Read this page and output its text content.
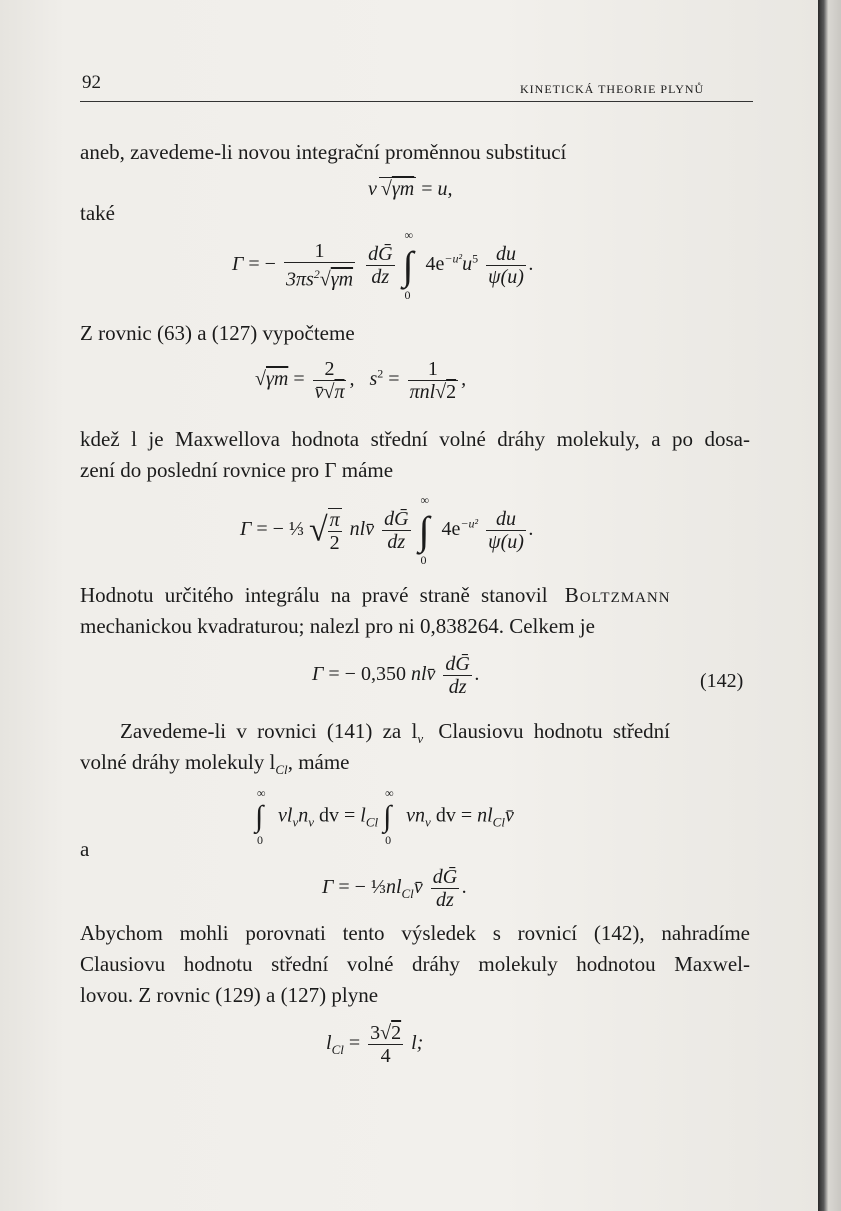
92	KINETICKÁ THEORIE PLYNŮ
aneb, zavedeme-li novou integrační proměnnou substitucí
v √γm = u,
také
Γ = − $\frac{1}{3\pi s^2√\gamma m}$
$\frac{\text{dḠ}}{dz}$ ∫
∞
0
$4e^{-u^2}u^5 \frac{du}{\psi(u)}$ .
Z rovnic (63) a (127) vypočteme
$√\gamma m = \frac{2}{v̄√\pi}$ ,   $s^2 = \frac{1}{\text{πnl√2}}$ ,
kdež l je Maxwellova hodnota střední volné dráhy molekuly, a po dosa-
zení do poslední rovnice pro Γ máme
Γ = − ⅓ √ $\frac{\pi}{2}$ nlv̄ $\frac{\text{dḠ}}{dz}$ ∫
∞
0
$4e^{-u^2} \frac{du}{\psi(u)}$ .
Hodnotu určitého integrálu na pravé straně stanovil Boltzmann
mechanickou kvadraturou; nalezl pro ni 0,838264. Celkem je
Γ = − 0,350 nlv̄ $\frac{\text{dḠ}}{dz}$ .	(142)
Zavedeme-li v rovnici (141) za $l_v$ Clausiovu hodnotu střední
volné dráhy molekuly $l_{Cl}$, máme
∫
∞
0
$vl_vn_v$ dv = $l_{Cl}$ ∫
∞
0
$vn_v$ dv = $nl_{Cl}v̄$
a
Γ = − $\frac{1}{3}nl_{Cl}v̄ \frac{\text{dḠ}}{dz}$ .
Abychom mohli porovnati tento výsledek s rovnicí (142), nahradíme
Clausiovu hodnotu střední volné dráhy molekuly hodnotou Maxwel-
lovou. Z rovnic (129) a (127) plyne
$l_{Cl} = \frac{3√2}{4} l$;
